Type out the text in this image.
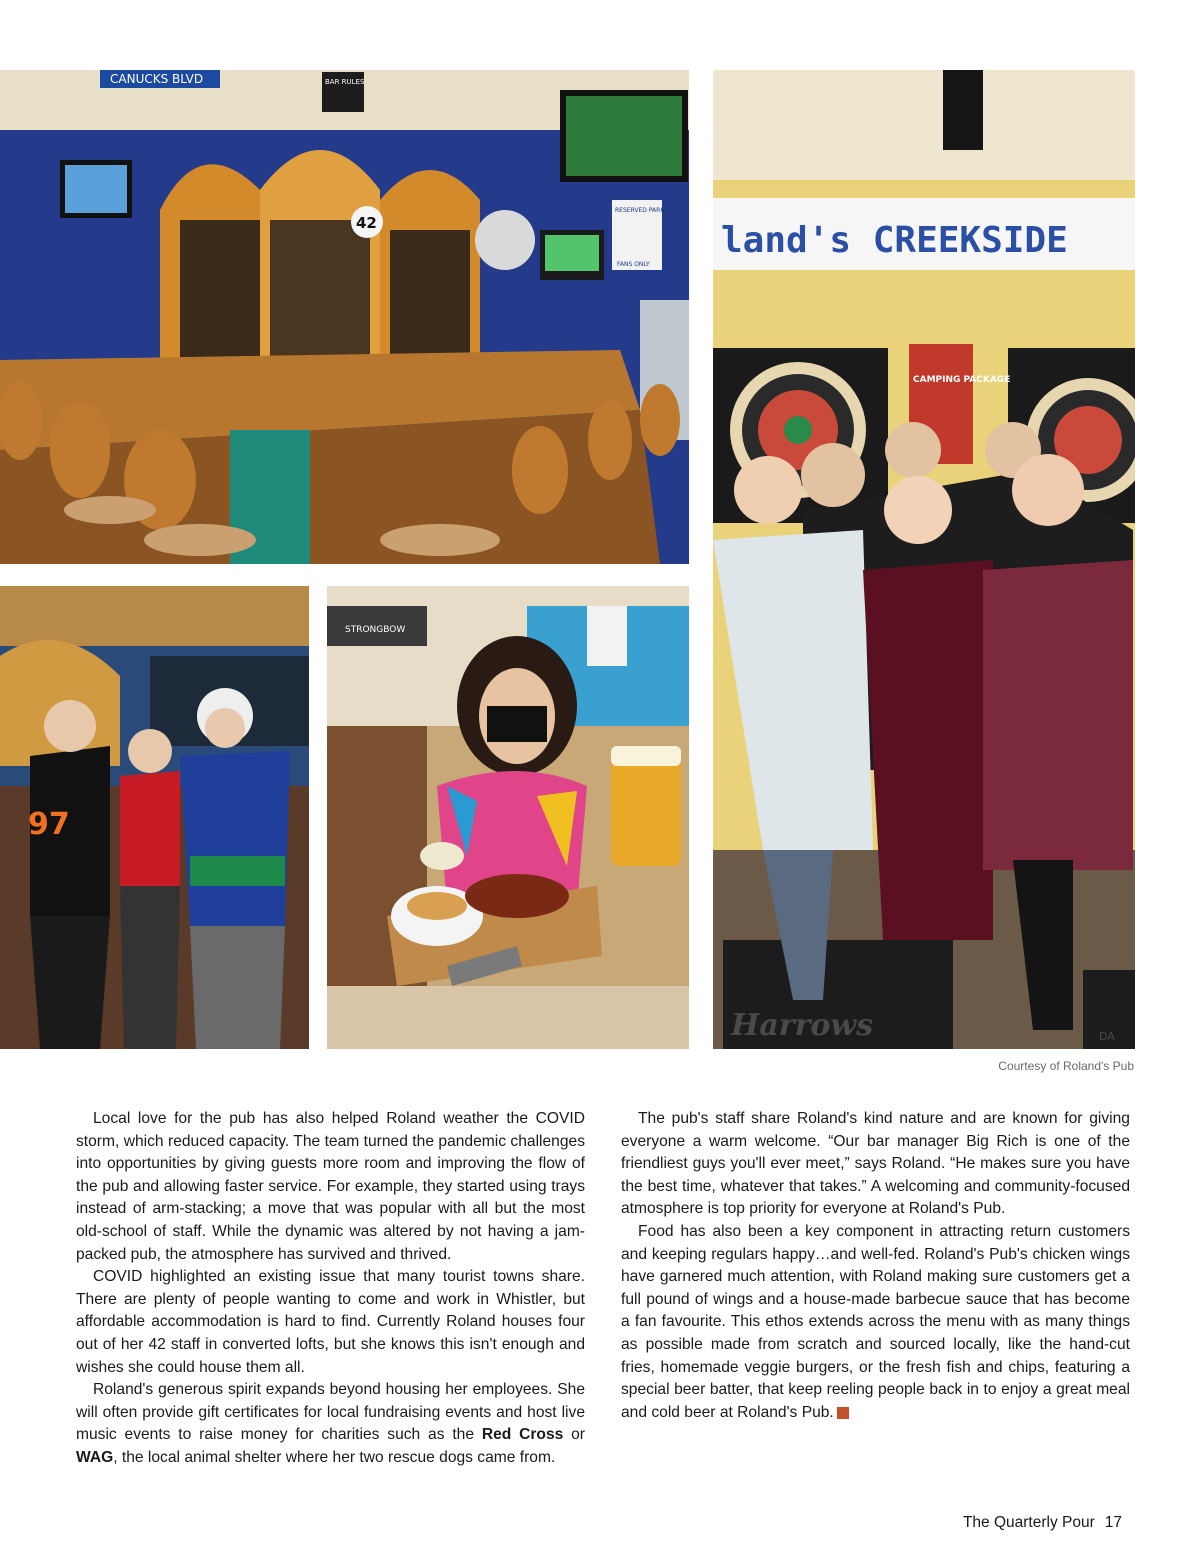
CANUCKS BLVD	BAR RULES
42
RESERVED PARKING
FANS ONLY
land's CREEKSIDE
CAMPING PACKAGE
Harrows	DA
97
STRONGBOW
Courtesy of Roland's Pub

Local love for the pub has also helped Roland weather the COVID storm, which reduced capacity. The team turned the pandemic challenges into opportunities by giving guests more room and improving the flow of the pub and allowing faster service. For example, they started using trays instead of arm-stacking; a move that was popular with all but the most old-school of staff. While the dynamic was altered by not having a jam-packed pub, the atmosphere has survived and thrived.

COVID highlighted an existing issue that many tourist towns share. There are plenty of people wanting to come and work in Whistler, but affordable accommodation is hard to find. Currently Roland houses four out of her 42 staff in converted lofts, but she knows this isn't enough and wishes she could house them all.

Roland's generous spirit expands beyond housing her employees. She will often provide gift certificates for local fundraising events and host live music events to raise money for charities such as the Red Cross or WAG, the local animal shelter where her two rescue dogs came from.

The pub's staff share Roland's kind nature and are known for giving everyone a warm welcome. “Our bar manager Big Rich is one of the friendliest guys you'll ever meet,” says Roland. “He makes sure you have the best time, whatever that takes.” A welcoming and community-focused atmosphere is top priority for everyone at Roland's Pub.

Food has also been a key component in attracting return customers and keeping regulars happy…and well-fed. Roland's Pub's chicken wings have garnered much attention, with Roland making sure customers get a full pound of wings and a house-made barbecue sauce that has become a fan favourite. This ethos extends across the menu with as many things as possible made from scratch and sourced locally, like the hand-cut fries, homemade veggie burgers, or the fresh fish and chips, featuring a special beer batter, that keep reeling people back in to enjoy a great meal and cold beer at Roland's Pub. P

The Quarterly Pour 17
